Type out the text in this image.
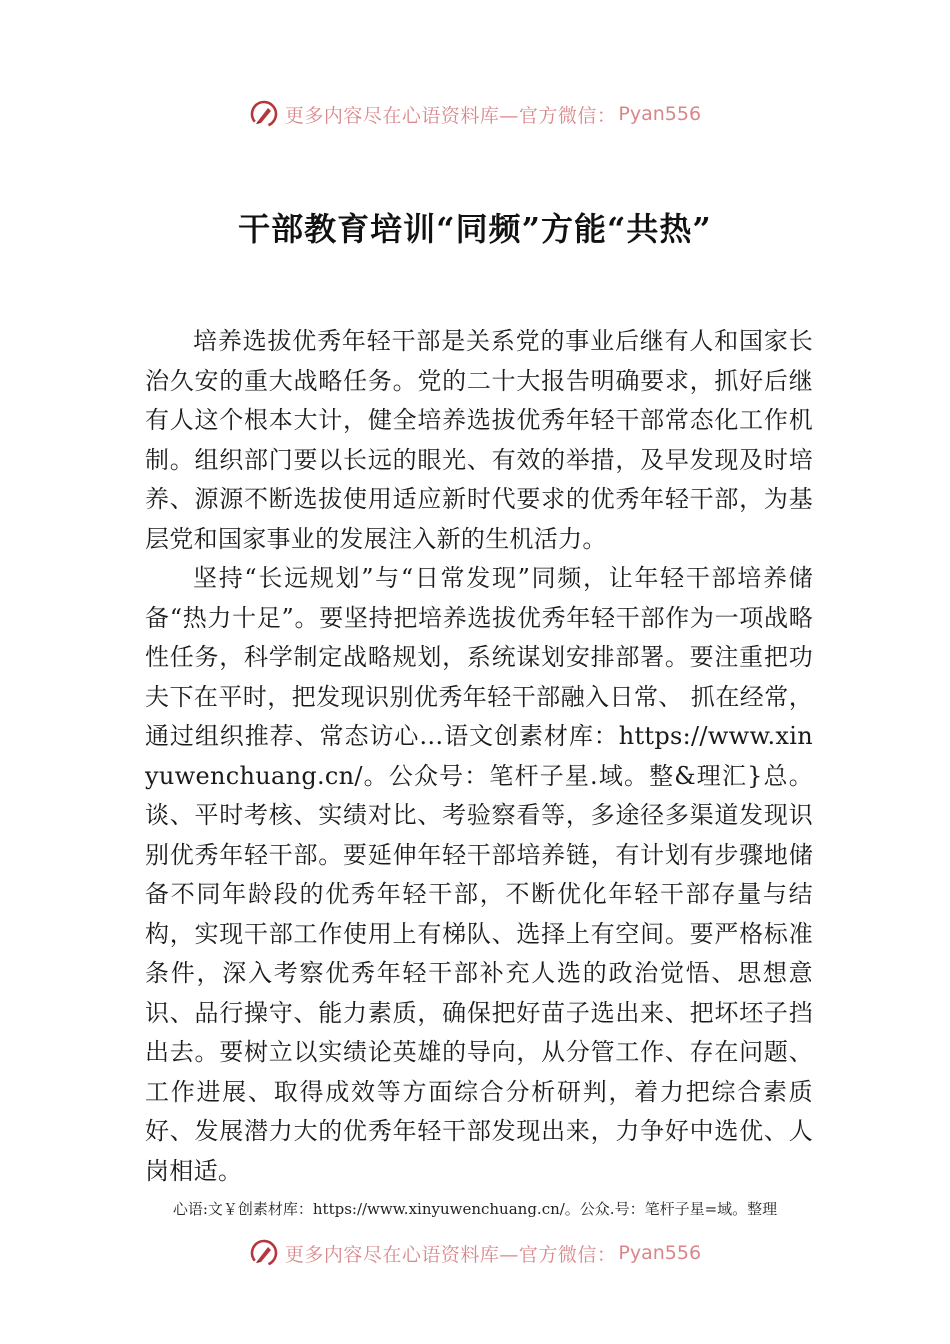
更多内容尽在心语资料库—官方微信： Pyan556
干部教育培训“同频”方能“共热”

培养选拔优秀年轻干部是关系党的事业后继有人和国家长治久安的重大战略任务。党的二十大报告明确要求，抓好后继有人这个根本大计，健全培养选拔优秀年轻干部常态化工作机制。组织部门要以长远的眼光、有效的举措，及早发现及时培养、源源不断选拔使用适应新时代要求的优秀年轻干部，为基层党和国家事业的发展注入新的生机活力。

坚持“长远规划”与“日常发现”同频，让年轻干部培养储备“热力十足”。要坚持把培养选拔优秀年轻干部作为一项战略性任务，科学制定战略规划，系统谋划安排部署。要注重把功夫下在平时，把发现识别优秀年轻干部融入日常、 抓在经常，通过组织推荐、常态访心…语文创素材库：https://www.xinyuwenchuang.cn/。公众号：笔杆子星.域。整&理汇}总。谈、平时考核、实绩对比、考验察看等，多途径多渠道发现识别优秀年轻干部。要延伸年轻干部培养链，有计划有步骤地储备不同年龄段的优秀年轻干部，不断优化年轻干部存量与结构，实现干部工作使用上有梯队、选择上有空间。要严格标准条件，深入考察优秀年轻干部补充人选的政治觉悟、思想意识、品行操守、能力素质，确保把好苗子选出来、把坏坯子挡出去。要树立以实绩论英雄的导向，从分管工作、存在问题、工作进展、取得成效等方面综合分析研判，着力把综合素质好、发展潜力大的优秀年轻干部发现出来，力争好中选优、人岗相适。

心语:文￥创素材库：https://www.xinyuwenchuang.cn/。公众.号：笔杆子星=域。整理
更多内容尽在心语资料库—官方微信： Pyan556
